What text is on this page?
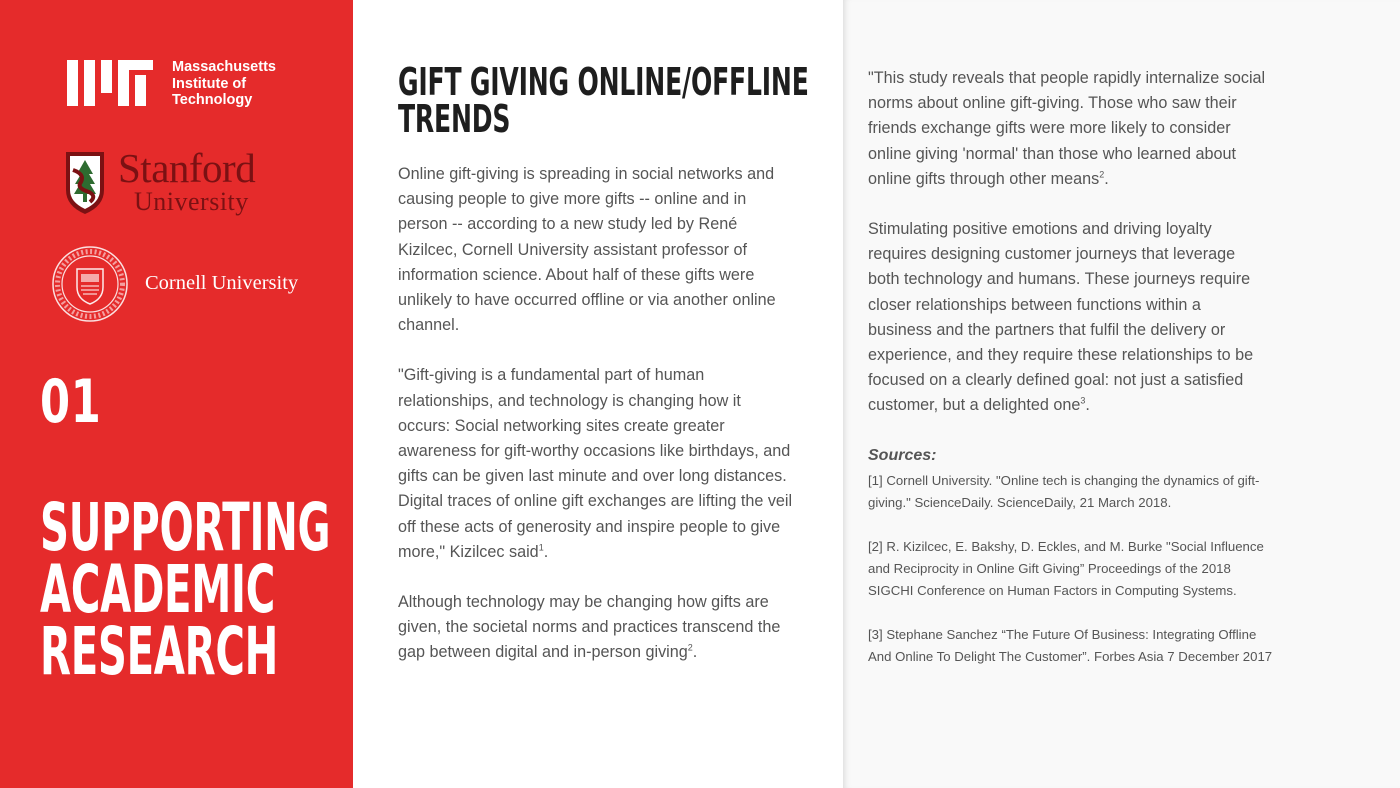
Massachusetts
Institute of
Technology
Stanford
University
Cornell University
01
SUPPORTING
ACADEMIC
RESEARCH
GIFT GIVING ONLINE/OFFLINE
TRENDS

Online gift-giving is spreading in social networks and causing people to give more gifts -- online and in person -- according to a new study led by René Kizilcec, Cornell University assistant professor of information science. About half of these gifts were unlikely to have occurred offline or via another online channel.

"Gift-giving is a fundamental part of human relationships, and technology is changing how it occurs: Social networking sites create greater awareness for gift-worthy occasions like birthdays, and gifts can be given last minute and over long distances. Digital traces of online gift exchanges are lifting the veil off these acts of generosity and inspire people to give more," Kizilcec said$^1$.

Although technology may be changing how gifts are given, the societal norms and practices transcend the gap between digital and in-person giving$^2$.

"This study reveals that people rapidly internalize social norms about online gift-giving. Those who saw their friends exchange gifts were more likely to consider online giving 'normal' than those who learned about online gifts through other means$^2$.

Stimulating positive emotions and driving loyalty requires designing customer journeys that leverage both technology and humans. These journeys require closer relationships between functions within a business and the partners that fulfil the delivery or experience, and they require these relationships to be focused on a clearly defined goal: not just a satisfied customer, but a delighted one$^3$.

Sources:

[1] Cornell University. "Online tech is changing the dynamics of gift-giving." ScienceDaily. ScienceDaily, 21 March 2018.

[2] R. Kizilcec, E. Bakshy, D. Eckles, and M. Burke "Social Influence and Reciprocity in Online Gift Giving” Proceedings of the 2018 SIGCHI Conference on Human Factors in Computing Systems.

[3] Stephane Sanchez “The Future Of Business: Integrating Offline And Online To Delight The Customer”. Forbes Asia 7 December 2017
